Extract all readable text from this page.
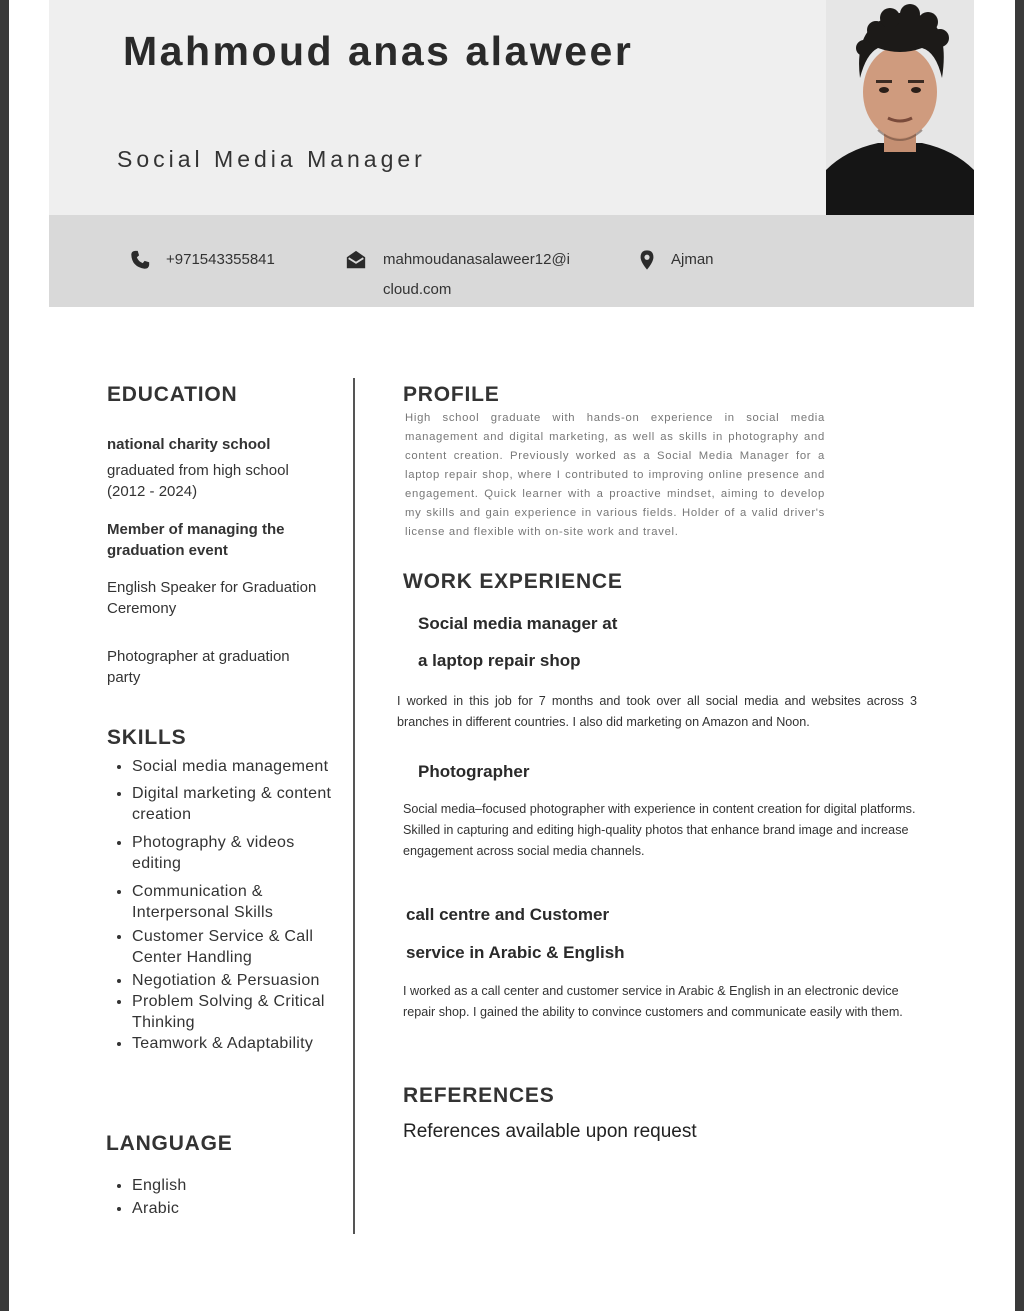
Mahmoud anas alaweer
Social Media Manager
+971543355841	mahmoudanasalaweer12@i
cloud.com
Ajman
EDUCATION
national charity school
graduated from high school (2012 - 2024)
Member of managing the graduation event
English Speaker for Graduation Ceremony
Photographer at graduation party
SKILLS
• Social media management
• Digital marketing & content creation
• Photography & videos editing
• Communication & Interpersonal Skills
• Customer Service & Call Center Handling
• Negotiation & Persuasion
• Problem Solving & Critical Thinking
• Teamwork & Adaptability
LANGUAGE
• English
• Arabic
PROFILE
High school graduate with hands-on experience in social media management and digital marketing, as well as skills in photography and content creation. Previously worked as a Social Media Manager for a laptop repair shop, where I contributed to improving online presence and engagement. Quick learner with a proactive mindset, aiming to develop my skills and gain experience in various fields. Holder of a valid driver's license and flexible with on-site work and travel.
WORK EXPERIENCE
Social media manager at
a laptop repair shop
I worked in this job for 7 months and took over all social media and websites across 3 branches in different countries. I also did marketing on Amazon and Noon.
Photographer
Social media–focused photographer with experience in content creation for digital platforms. Skilled in capturing and editing high-quality photos that enhance brand image and increase engagement across social media channels.
call centre and Customer
service in Arabic & English
I worked as a call center and customer service in Arabic & English in an electronic device repair shop. I gained the ability to convince customers and communicate easily with them.
REFERENCES
References available upon request
